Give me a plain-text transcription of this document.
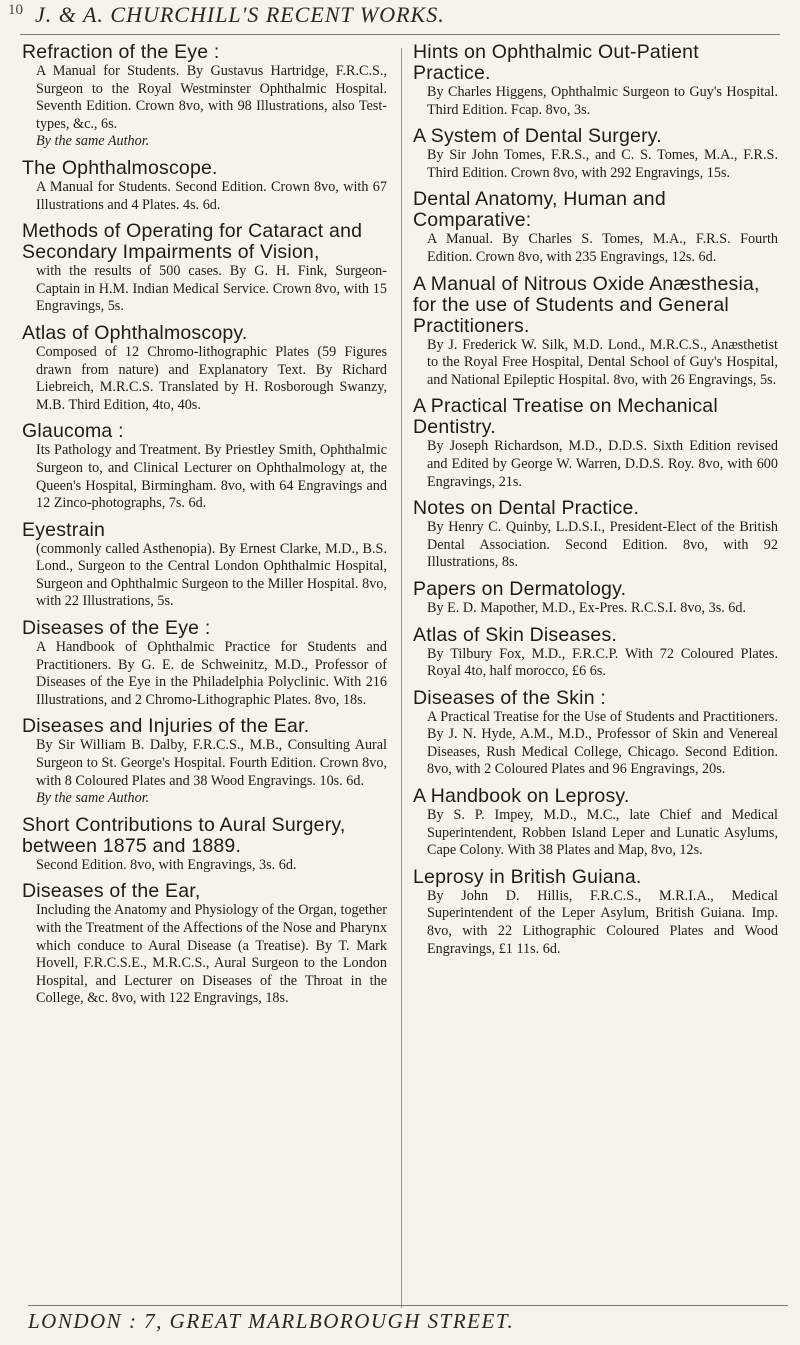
10 J. & A. CHURCHILL'S RECENT WORKS.
Refraction of the Eye :

A Manual for Students. By Gustavus Hartridge, F.R.C.S., Surgeon to the Royal Westminster Ophthalmic Hospital. Seventh Edition. Crown 8vo, with 98 Illustrations, also Test-types, &c., 6s.

By the same Author.

The Ophthalmoscope.

A Manual for Students. Second Edition. Crown 8vo, with 67 Illustrations and 4 Plates. 4s. 6d.

Methods of Operating for Cataract and Secondary Impairments of Vision,

with the results of 500 cases. By G. H. Fink, Surgeon-Captain in H.M. Indian Medical Service. Crown 8vo, with 15 Engravings, 5s.

Atlas of Ophthalmoscopy.

Composed of 12 Chromo-lithographic Plates (59 Figures drawn from nature) and Explanatory Text. By Richard Liebreich, M.R.C.S. Translated by H. Rosborough Swanzy, M.B. Third Edition, 4to, 40s.

Glaucoma :

Its Pathology and Treatment. By Priestley Smith, Ophthalmic Surgeon to, and Clinical Lecturer on Ophthalmology at, the Queen's Hospital, Birmingham. 8vo, with 64 Engravings and 12 Zinco-photographs, 7s. 6d.

Eyestrain

(commonly called Asthenopia). By Ernest Clarke, M.D., B.S. Lond., Surgeon to the Central London Ophthalmic Hospital, Surgeon and Ophthalmic Surgeon to the Miller Hospital. 8vo, with 22 Illustrations, 5s.

Diseases of the Eye :

A Handbook of Ophthalmic Practice for Students and Practitioners. By G. E. de Schweinitz, M.D., Professor of Diseases of the Eye in the Philadelphia Polyclinic. With 216 Illustrations, and 2 Chromo-Lithographic Plates. 8vo, 18s.

Diseases and Injuries of the Ear.

By Sir William B. Dalby, F.R.C.S., M.B., Consulting Aural Surgeon to St. George's Hospital. Fourth Edition. Crown 8vo, with 8 Coloured Plates and 38 Wood Engravings. 10s. 6d.

By the same Author.

Short Contributions to Aural Surgery, between 1875 and 1889.

Second Edition. 8vo, with Engravings, 3s. 6d.

Diseases of the Ear,

Including the Anatomy and Physiology of the Organ, together with the Treatment of the Affections of the Nose and Pharynx which conduce to Aural Disease (a Treatise). By T. Mark Hovell, F.R.C.S.E., M.R.C.S., Aural Surgeon to the London Hospital, and Lecturer on Diseases of the Throat in the College, &c. 8vo, with 122 Engravings, 18s.

Hints on Ophthalmic Out-Patient Practice.

By Charles Higgens, Ophthalmic Surgeon to Guy's Hospital. Third Edition. Fcap. 8vo, 3s.

A System of Dental Surgery.

By Sir John Tomes, F.R.S., and C. S. Tomes, M.A., F.R.S. Third Edition. Crown 8vo, with 292 Engravings, 15s.

Dental Anatomy, Human and Comparative:

A Manual. By Charles S. Tomes, M.A., F.R.S. Fourth Edition. Crown 8vo, with 235 Engravings, 12s. 6d.

A Manual of Nitrous Oxide Anæsthesia, for the use of Students and General Practitioners.

By J. Frederick W. Silk, M.D. Lond., M.R.C.S., Anæsthetist to the Royal Free Hospital, Dental School of Guy's Hospital, and National Epileptic Hospital. 8vo, with 26 Engravings, 5s.

A Practical Treatise on Mechanical Dentistry.

By Joseph Richardson, M.D., D.D.S. Sixth Edition revised and Edited by George W. Warren, D.D.S. Roy. 8vo, with 600 Engravings, 21s.

Notes on Dental Practice.

By Henry C. Quinby, L.D.S.I., President-Elect of the British Dental Association. Second Edition. 8vo, with 92 Illustrations, 8s.

Papers on Dermatology.

By E. D. Mapother, M.D., Ex-Pres. R.C.S.I. 8vo, 3s. 6d.

Atlas of Skin Diseases.

By Tilbury Fox, M.D., F.R.C.P. With 72 Coloured Plates. Royal 4to, half morocco, £6 6s.

Diseases of the Skin :

A Practical Treatise for the Use of Students and Practitioners. By J. N. Hyde, A.M., M.D., Professor of Skin and Venereal Diseases, Rush Medical College, Chicago. Second Edition. 8vo, with 2 Coloured Plates and 96 Engravings, 20s.

A Handbook on Leprosy.

By S. P. Impey, M.D., M.C., late Chief and Medical Superintendent, Robben Island Leper and Lunatic Asylums, Cape Colony. With 38 Plates and Map, 8vo, 12s.

Leprosy in British Guiana.

By John D. Hillis, F.R.C.S., M.R.I.A., Medical Superintendent of the Leper Asylum, British Guiana. Imp. 8vo, with 22 Lithographic Coloured Plates and Wood Engravings, £1 11s. 6d.

LONDON : 7, GREAT MARLBOROUGH STREET.
